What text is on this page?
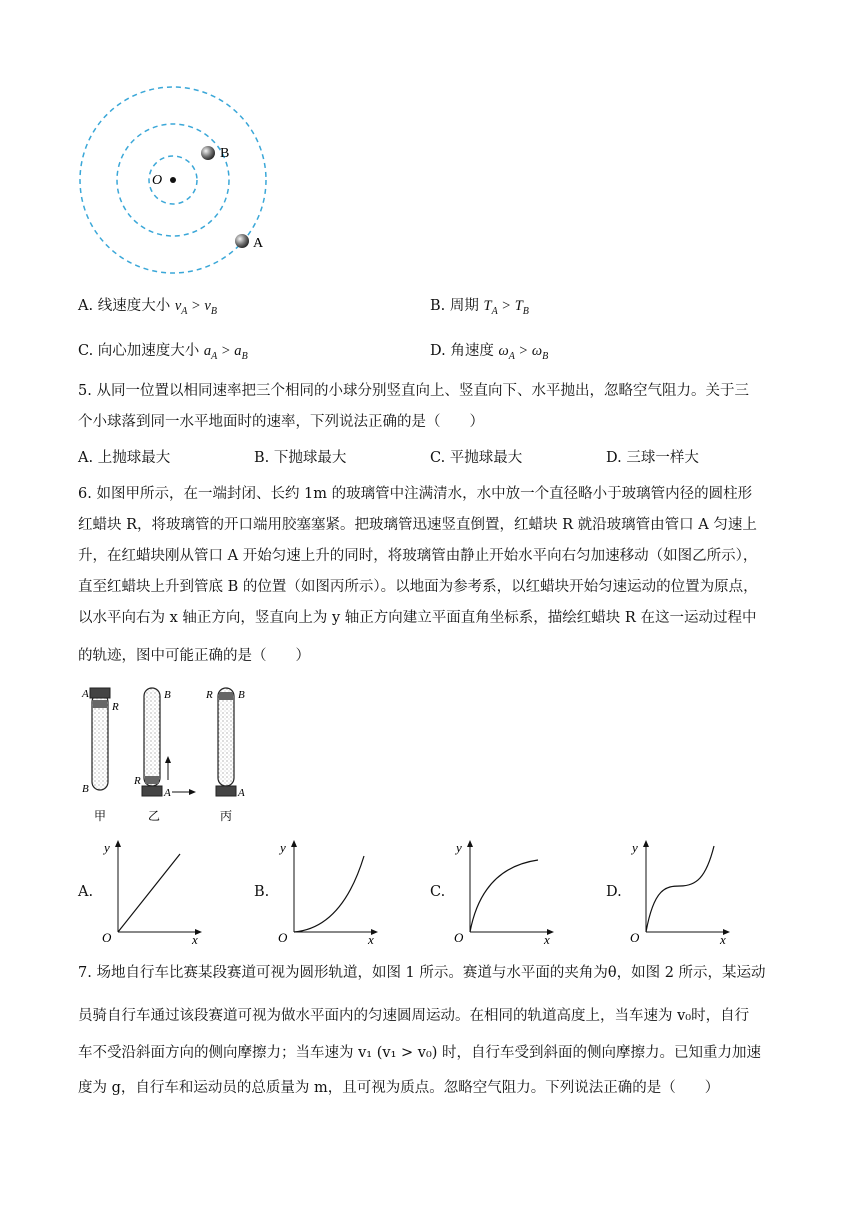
O
B
A
A. 线速度大小 $v_A > v_B$	B. 周期 $T_A > T_B$
C. 向心加速度大小 $a_A > a_B$	D. 角速度 $\omega_A > \omega_B$
5. 从同一位置以相同速率把三个相同的小球分别竖直向上、竖直向下、水平抛出，忽略空气阻力。关于三
个小球落到同一水平地面时的速率，下列说法正确的是（　　）
A. 上抛球最大	B. 下抛球最大	C. 平抛球最大	D. 三球一样大
6. 如图甲所示，在一端封闭、长约 1m 的玻璃管中注满清水，水中放一个直径略小于玻璃管内径的圆柱形
红蜡块 R，将玻璃管的开口端用胶塞塞紧。把玻璃管迅速竖直倒置，红蜡块 R 就沿玻璃管由管口 A 匀速上
升，在红蜡块刚从管口 A 开始匀速上升的同时，将玻璃管由静止开始水平向右匀加速移动（如图乙所示），
直至红蜡块上升到管底 B 的位置（如图丙所示）。以地面为参考系，以红蜡块开始匀速运动的位置为原点，
以水平向右为 x 轴正方向，竖直向上为 y 轴正方向建立平面直角坐标系，描绘红蜡块 R 在这一运动过程中
的轨迹，图中可能正确的是（　　）
A
R
B
甲
B
R
A
乙
R B
A
丙
A.	B.	C.	D.
y
O	x
y
O	x
y
O	x
y
O	x
7. 场地自行车比赛某段赛道可视为圆形轨道，如图 1 所示。赛道与水平面的夹角为θ，如图 2 所示，某运动
员骑自行车通过该段赛道可视为做水平面内的匀速圆周运动。在相同的轨道高度上，当车速为 v₀时，自行
车不受沿斜面方向的侧向摩擦力；当车速为 v₁ (v₁ > v₀) 时，自行车受到斜面的侧向摩擦力。已知重力加速
度为 g，自行车和运动员的总质量为 m，且可视为质点。忽略空气阻力。下列说法正确的是（　　）
